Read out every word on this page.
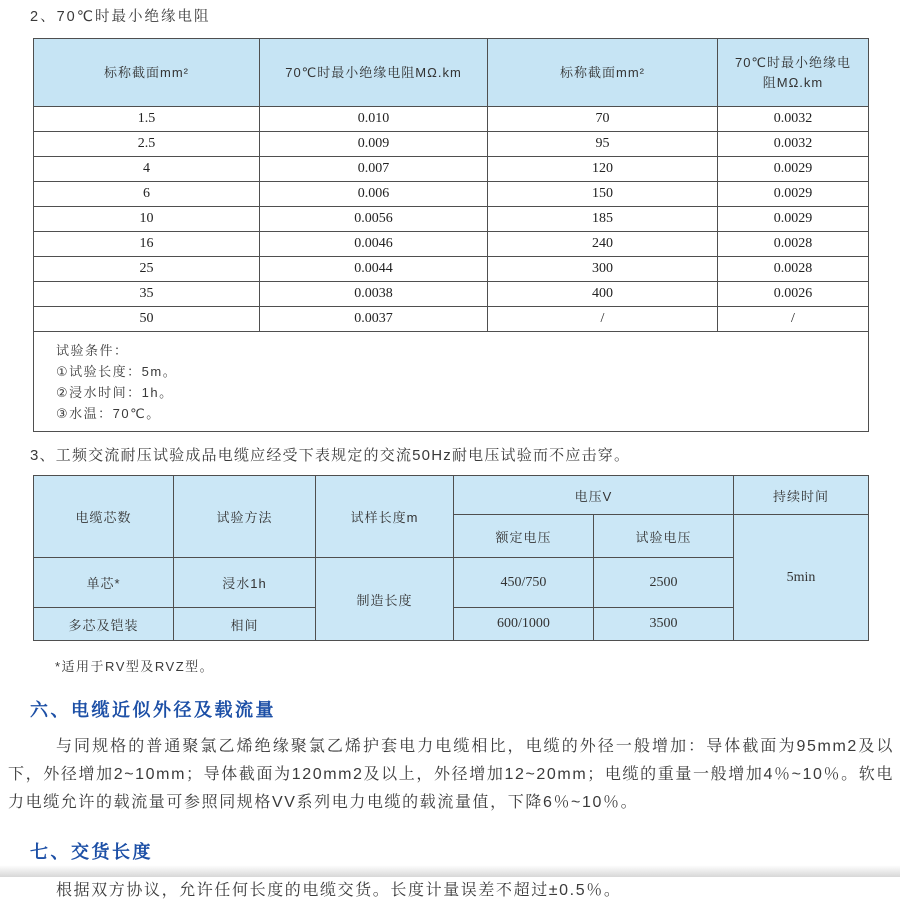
2、70℃时最小绝缘电阻
标称截面mm²	70℃时最小绝缘电阻MΩ.km	标称截面mm²	70℃时最小绝缘电阻MΩ.km
1.5	0.010	70	0.0032
2.5	0.009	95	0.0032
4	0.007	120	0.0029
6	0.006	150	0.0029
10	0.0056	185	0.0029
16	0.0046	240	0.0028
25	0.0044	300	0.0028
35	0.0038	400	0.0026
50	0.0037	/	/

试验条件：
①试验长度：5m。
②浸水时间：1h。
③水温：70℃。			
3、工频交流耐压试验成品电缆应经受下表规定的交流50Hz耐电压试验而不应击穿。
电缆芯数	试验方法	试样长度m	电压V		持续时间
			额定电压	试验电压	5min
单芯*	浸水1h	制造长度	450/750	2500	
多芯及铠装	相间		600/1000	3500	
*适用于RV型及RVZ型。
六、电缆近似外径及载流量
与同规格的普通聚氯乙烯绝缘聚氯乙烯护套电力电缆相比，电缆的外径一般增加：导体截面为95mm2及以下，外径增加2~10mm；导体截面为120mm2及以上，外径增加12~20mm；电缆的重量一般增加4％~10％。软电力电缆允许的载流量可参照同规格VV系列电力电缆的载流量值，下降6％~10％。
七、交货长度
根据双方协议，允许任何长度的电缆交货。长度计量误差不超过±0.5％。
